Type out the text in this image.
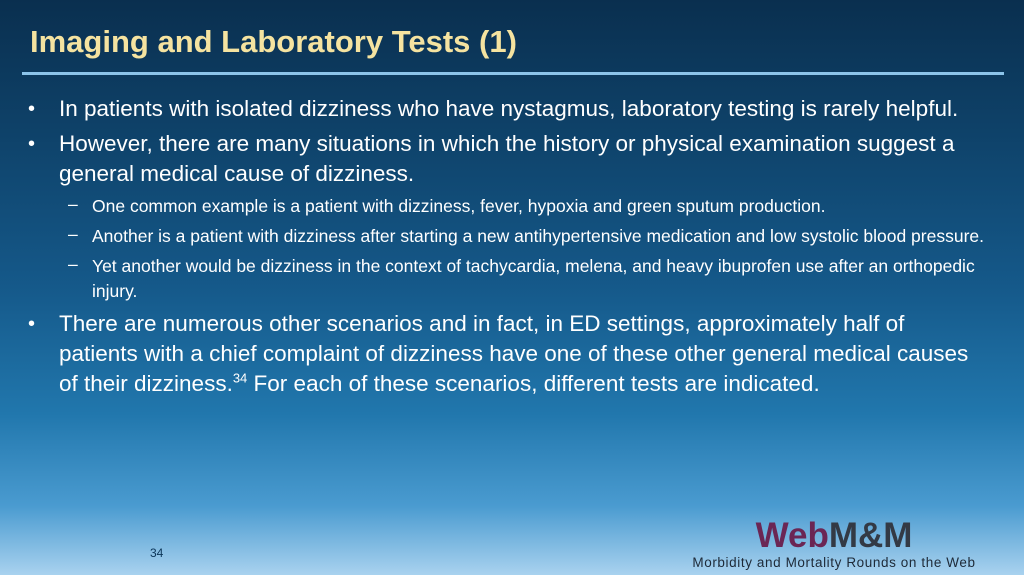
Imaging and Laboratory Tests (1)
• In patients with isolated dizziness who have nystagmus, laboratory testing is rarely helpful.
• However, there are many situations in which the history or physical examination suggest a general medical cause of dizziness.
– One common example is a patient with dizziness, fever, hypoxia and green sputum production.
– Another is a patient with dizziness after starting a new antihypertensive medication and low systolic blood pressure.
– Yet another would be dizziness in the context of tachycardia, melena, and heavy ibuprofen use after an orthopedic injury.
• There are numerous other scenarios and in fact, in ED settings, approximately half of patients with a chief complaint of dizziness have one of these other general medical causes of their dizziness.$^{34}$ For each of these scenarios, different tests are indicated.
34	WebM&M
Morbidity and Mortality Rounds on the Web
